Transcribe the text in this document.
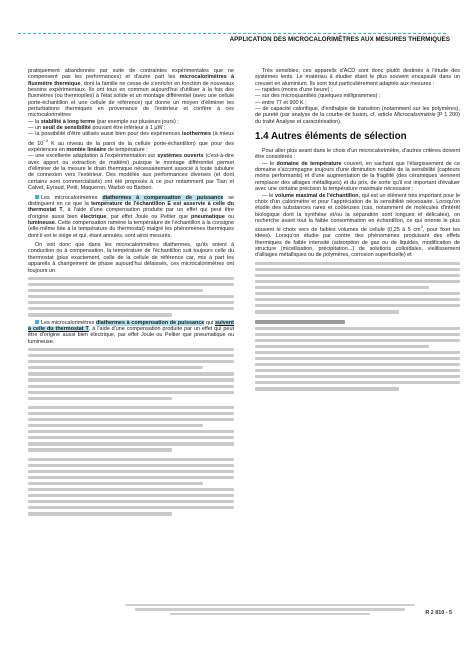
APPLICATION DES MICROCALORIMÈTRES AUX MESURES THERMIQUES

pratiquement abandonnés par suite de contraintes expérimentales que ne compensent pas les performances) et d'autre part les microcalorimètres à fluxmètre thermique, dont la famille ne cesse de s'enrichir en fonction de nouveaux besoins expérimentaux. Ils ont tous en commun aujourd'hui d'utiliser à la fois des fluxmètres (ou thermopiles) à l'état solide et un montage différentiel (avec une cellule porte-échantillon et une cellule de référence) qui donne un moyen d'éliminer les perturbations thermiques en provenance de l'extérieur et confère à ces microcalorimètres

— la stabilité à long terme (par exemple sur plusieurs jours) ;

— un seuil de sensibilité pouvant être inférieur à 1 µW ;

— la possibilité d'être utilisés aussi bien pour des expériences isothermes (à mieux de $10^{-3}$ K au niveau de la paroi de la cellule porte-échantillon) que pour des expériences en montée linéaire de température ;

— une excellente adaptation à l'expérimentation sur systèmes ouverts (c'est-à-dire avec apport ou extraction de matière) puisque le montage différentiel permet d'éliminer de la mesure le drain thermique nécessairement associé à toute tubulure de connexion vers l'extérieur. Des modèles aux performances diverses (et dont certains sont commercialisés) ont été proposés à ce jour notamment par Tian et Calvet, Eyraud, Petit, Maqueron, Wadsö ou Barberi.

Les microcalorimètres diathermes à compensation de puissance se distinguent en ce que la température de l'échantillon E est asservie à celle du thermostat T, à l'aide d'une compensation produite par un effet qui peut être d'origine aussi bien électrique, par effet Joule ou Peltier que pneumatique ou lumineuse. Cette compensation ramène la température de l'échantillon à la consigne (elle-même liée à la température du thermostat) malgré les phénomènes thermiques dont il est le siège et qui, étant annulés, sont ainsi mesurés.

On voit donc que dans les microcalorimètres diathermes, qu'ils soient à conduction ou à compensation, la température de l'échantillon suit toujours celle du thermostat (plus exactement, celle de la cellule de référence car, mis à part les appareils à changement de phase aujourd'hui délaissés, ces microcalorimètres ont toujours un

Les microcalorimètres diathermes à compensation de puissance qui suivent à celle du thermostat T, à l'aide d'une compensation produite par un effet qui peut être d'origine aussi bien électrique, par effet Joule ou Peltier que pneumatique ou lumineuse.

Très sensibles, ces appareils d'ACD sont donc plutôt destinés à l'étude des systèmes lents. Le matériau à étudier étant le plus souvent encapsulé dans un creuset en aluminium. Ils sont tout particulièrement adaptés aux mesures :

— rapides (moins d'une heure) ;

— sur des microquantités (quelques milligrammes) ;

— entre 77 et 900 K ;

— de capacité calorifique, d'enthalpie de transition (notamment sur les polymères), de pureté (par analyse de la courbe de fusion, cf. article Microcalorimétrie [P 1 200) du traité Analyse et caractérisation).

1.4 Autres éléments de sélection

Pour aller plus avant dans le choix d'un microcalorimètre, d'autres critères doivent être considérés :

— le domaine de température couvert, en sachant que l'élargissement de ce domaine s'accompagne toujours d'une diminution notable de la sensibilité (capteurs moins performants) et d'une augmentation de la fragilité (des céramiques viennent remplacer des alliages métalliques) et du prix, de sorte qu'il est important d'évaluer avec une certaine précision la température maximale nécessaire ;

— le volume maximal de l'échantillon, qui est un élément très important pour le choix d'un calorimètre et pour l'appréciation de la sensibilité nécessaire. Lorsqu'on étudie des substances rares et coûteuses (cas, notamment de molécules d'intérêt biologique dont la synthèse et/ou la séparation sont longues et délicates), on recherche avant tout la faible consommation en échantillon, ce qui oriente le plus souvent le choix vers de faibles volumes de cellule (0,25 à 5 $cm^3$, pour fixer les idées). Lorsqu'on étudie par contre des phénomènes produisant des effets thermiques de faible intensité (adsorption de gaz ou de liquides, modification de structure (micellisation, précipitation...) de solutions colloïdales, vieillissement d'alliages métalliques ou de polymères, corrosion superficielle) et

R 2 810 - 5
